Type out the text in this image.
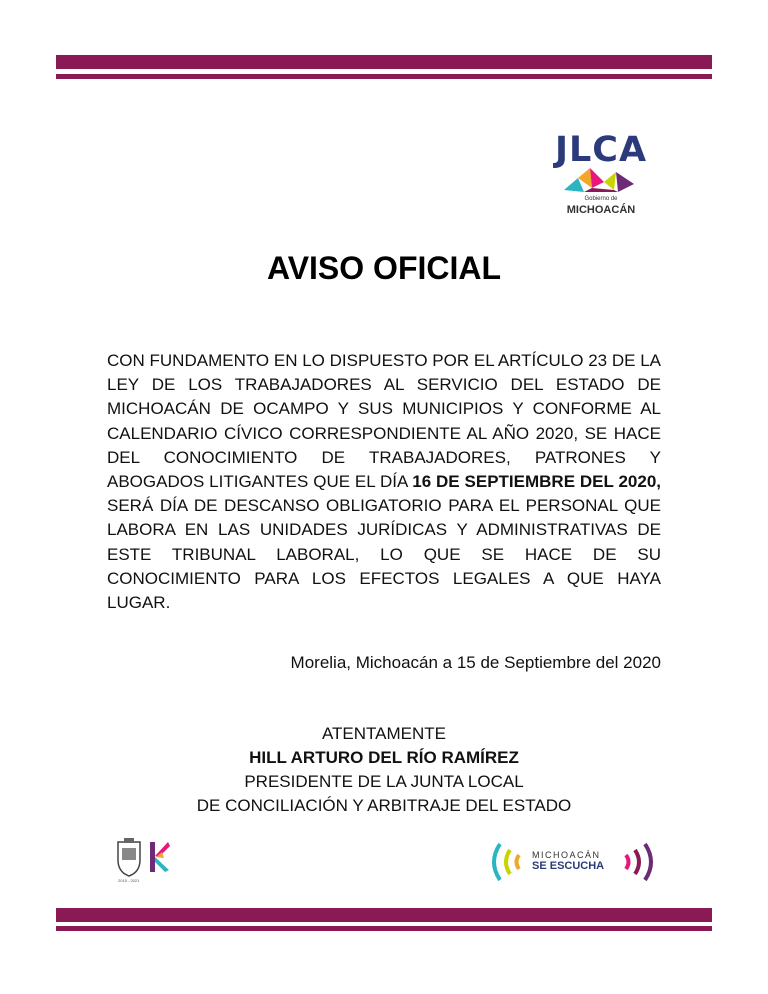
JLCA
Gobierno de
MICHOACÁN
AVISO OFICIAL
CON FUNDAMENTO EN LO DISPUESTO POR EL ARTÍCULO 23 DE LA LEY DE LOS TRABAJADORES AL SERVICIO DEL ESTADO DE MICHOACÁN DE OCAMPO Y SUS MUNICIPIOS Y CONFORME AL CALENDARIO CÍVICO CORRESPONDIENTE AL AÑO 2020, SE HACE DEL CONOCIMIENTO DE TRABAJADORES, PATRONES Y ABOGADOS LITIGANTES QUE EL DÍA 16 DE SEPTIEMBRE DEL 2020, SERÁ DÍA DE DESCANSO OBLIGATORIO PARA EL PERSONAL QUE LABORA EN LAS UNIDADES JURÍDICAS Y ADMINISTRATIVAS DE ESTE TRIBUNAL LABORAL, LO QUE SE HACE DE SU CONOCIMIENTO PARA LOS EFECTOS LEGALES A QUE HAYA LUGAR.
Morelia, Michoacán a 15 de Septiembre del 2020
ATENTAMENTE
HILL ARTURO DEL RÍO RAMÍREZ
PRESIDENTE DE LA JUNTA LOCAL
DE CONCILIACIÓN Y ARBITRAJE DEL ESTADO
2015 - 2021
MICHOACÁN
SE ESCUCHA
